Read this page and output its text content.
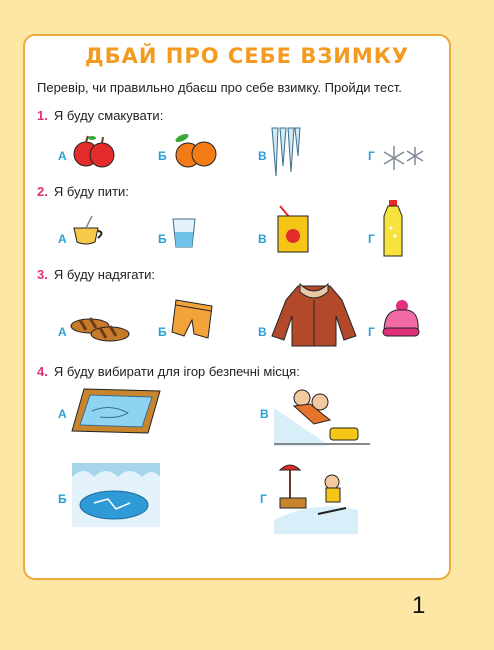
ДБАЙ ПРО СЕБЕ ВЗИМКУ
Перевір, чи правильно дбаєш про себе взимку. Пройди тест.
1. Я буду смакувати:
А	Б	В	Г
2. Я буду пити:
А	Б	В	Г
3. Я буду надягати:
А	Б	В	Г
4. Я буду вибирати для ігор безпечні місця:
А	В
Б	Г
1
